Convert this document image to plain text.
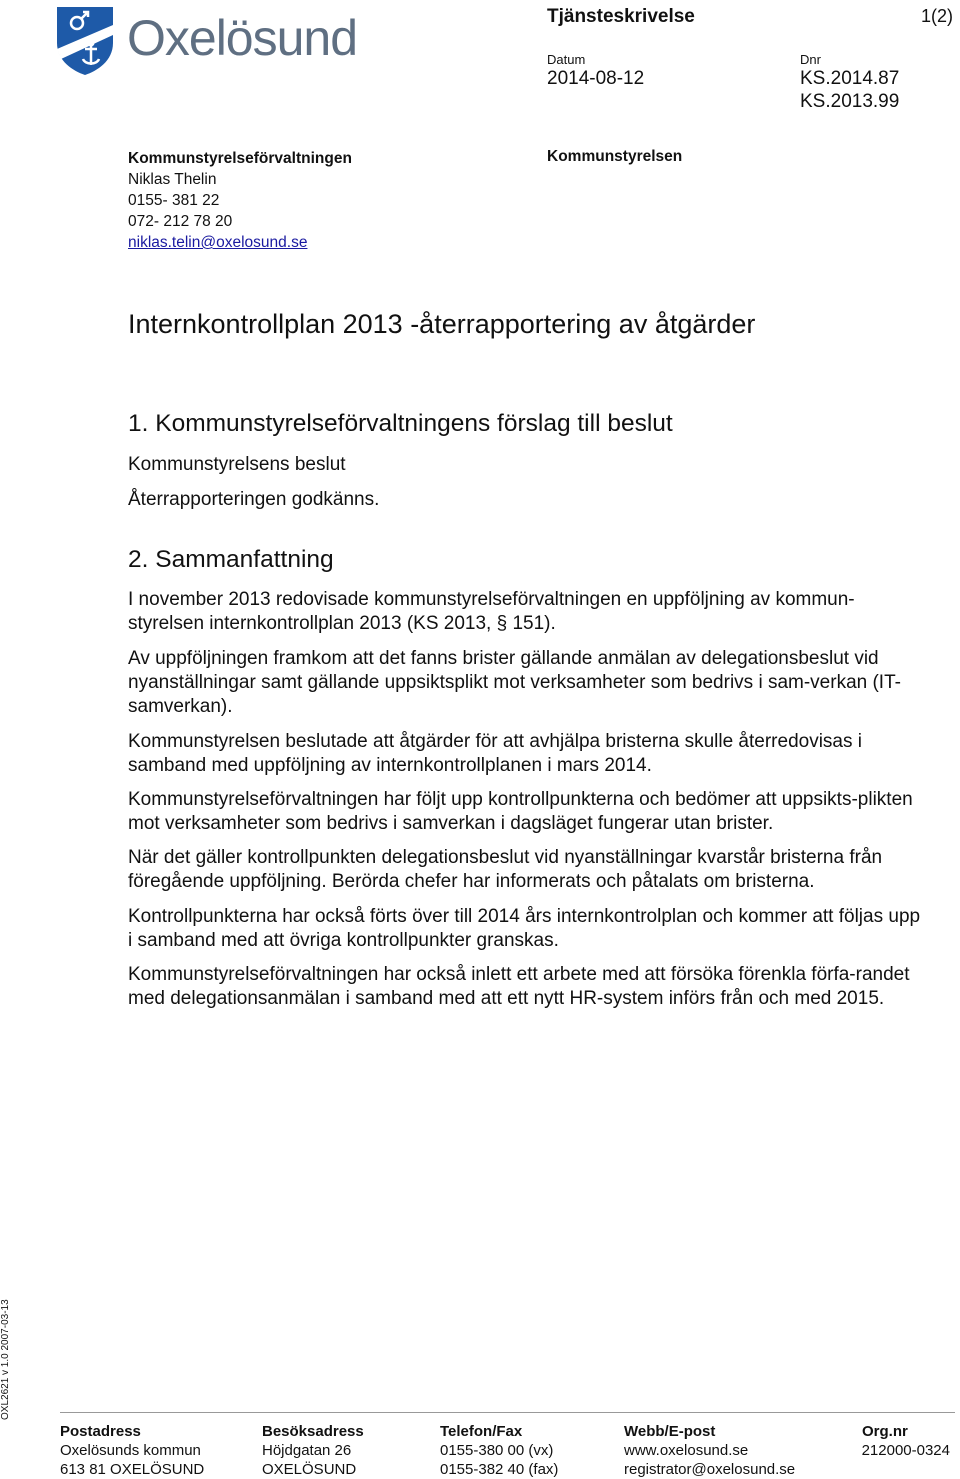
Oxelösund	Tjänsteskrivelse	1(2)
Datum
2014-08-12
Dnr
KS.2014.87
KS.2013.99
Kommunstyrelseförvaltningen
Niklas Thelin
0155- 381 22
072- 212 78 20
niklas.telin@oxelosund.se
Kommunstyrelsen
Internkontrollplan 2013 -återrapportering av åtgärder
1. Kommunstyrelseförvaltningens förslag till beslut
Kommunstyrelsens beslut
Återrapporteringen godkänns.
2. Sammanfattning

I november 2013 redovisade kommunstyrelseförvaltningen en uppföljning av kommun-styrelsen internkontrollplan 2013 (KS 2013, § 151).

Av uppföljningen framkom att det fanns brister gällande anmälan av delegationsbeslut vid nyanställningar samt gällande uppsiktsplikt mot verksamheter som bedrivs i sam-verkan (IT-samverkan).

Kommunstyrelsen beslutade att åtgärder för att avhjälpa bristerna skulle återredovisas i samband med uppföljning av internkontrollplanen i mars 2014.

Kommunstyrelseförvaltningen har följt upp kontrollpunkterna och bedömer att uppsikts-plikten mot verksamheter som bedrivs i samverkan i dagsläget fungerar utan brister.

När det gäller kontrollpunkten delegationsbeslut vid nyanställningar kvarstår bristerna från föregående uppföljning. Berörda chefer har informerats och påtalats om bristerna.

Kontrollpunkterna har också förts över till 2014 års internkontrolplan och kommer att följas upp i samband med att övriga kontrollpunkter granskas.

Kommunstyrelseförvaltningen har också inlett ett arbete med att försöka förenkla förfa-randet med delegationsanmälan i samband med att ett nytt HR-system införs från och med 2015.

OXL2621 v 1.0 2007-03-13
Postadress
Oxelösunds kommun
613 81 OXELÖSUND
Besöksadress
Höjdgatan 26
OXELÖSUND
Telefon/Fax
0155-380 00 (vx)
0155-382 40 (fax)
Webb/E-post
www.oxelosund.se
registrator@oxelosund.se
Org.nr
212000-0324
